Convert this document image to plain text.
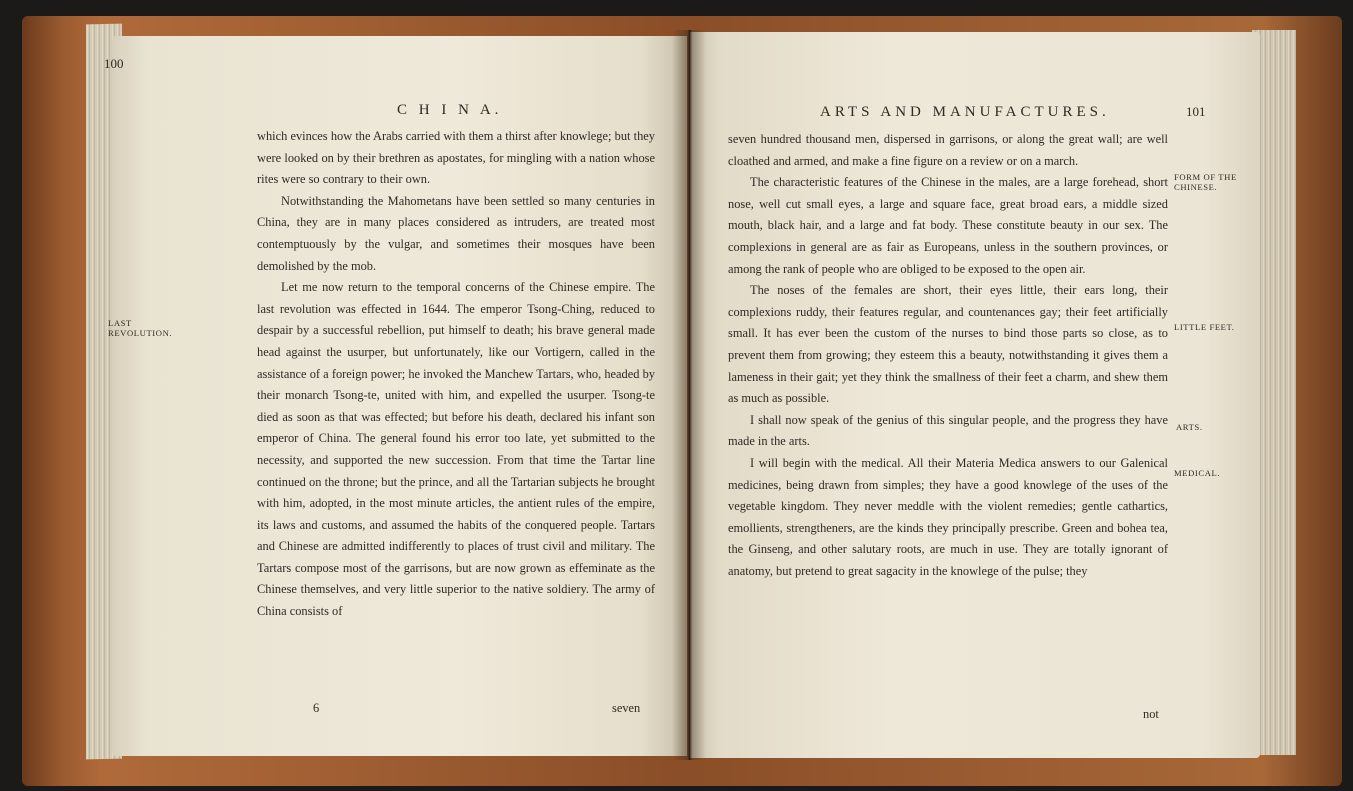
100
C H I N A.
LAST REVOLUTION.

which evinces how the Arabs carried with them a thirst after knowlege; but they were looked on by their brethren as apostates, for mingling with a nation whose rites were so contrary to their own.

Notwithstanding the Mahometans have been settled so many centuries in China, they are in many places considered as intruders, are treated most contemptuously by the vulgar, and sometimes their mosques have been demolished by the mob.

Let me now return to the temporal concerns of the Chinese empire. The last revolution was effected in 1644. The emperor Tsong-Ching, reduced to despair by a successful rebellion, put himself to death; his brave general made head against the usurper, but unfortunately, like our Vortigern, called in the assistance of a foreign power; he invoked the Manchew Tartars, who, headed by their monarch Tsong-te, united with him, and expelled the usurper. Tsong-te died as soon as that was effected; but before his death, declared his infant son emperor of China. The general found his error too late, yet submitted to the necessity, and supported the new succession. From that time the Tartar line continued on the throne; but the prince, and all the Tartarian subjects he brought with him, adopted, in the most minute articles, the antient rules of the empire, its laws and customs, and assumed the habits of the conquered people. Tartars and Chinese are admitted indifferently to places of trust civil and military. The Tartars compose most of the garrisons, but are now grown as effeminate as the Chinese themselves, and very little superior to the native soldiery. The army of China consists of

6	seven
ARTS AND MANUFACTURES.	101
FORM OF THE CHINESE.
LITTLE FEET.
ARTS.
MEDICAL.

seven hundred thousand men, dispersed in garrisons, or along the great wall; are well cloathed and armed, and make a fine figure on a review or on a march.

The characteristic features of the Chinese in the males, are a large forehead, short nose, well cut small eyes, a large and square face, great broad ears, a middle sized mouth, black hair, and a large and fat body. These constitute beauty in our sex. The complexions in general are as fair as Europeans, unless in the southern provinces, or among the rank of people who are obliged to be exposed to the open air.

The noses of the females are short, their eyes little, their ears long, their complexions ruddy, their features regular, and countenances gay; their feet artificially small. It has ever been the custom of the nurses to bind those parts so close, as to prevent them from growing; they esteem this a beauty, notwithstanding it gives them a lameness in their gait; yet they think the smallness of their feet a charm, and shew them as much as possible.

I shall now speak of the genius of this singular people, and the progress they have made in the arts.

I will begin with the medical. All their Materia Medica answers to our Galenical medicines, being drawn from simples; they have a good knowlege of the uses of the vegetable kingdom. They never meddle with the violent remedies; gentle cathartics, emollients, strengtheners, are the kinds they principally prescribe. Green and bohea tea, the Ginseng, and other salutary roots, are much in use. They are totally ignorant of anatomy, but pretend to great sagacity in the knowlege of the pulse; they

not
